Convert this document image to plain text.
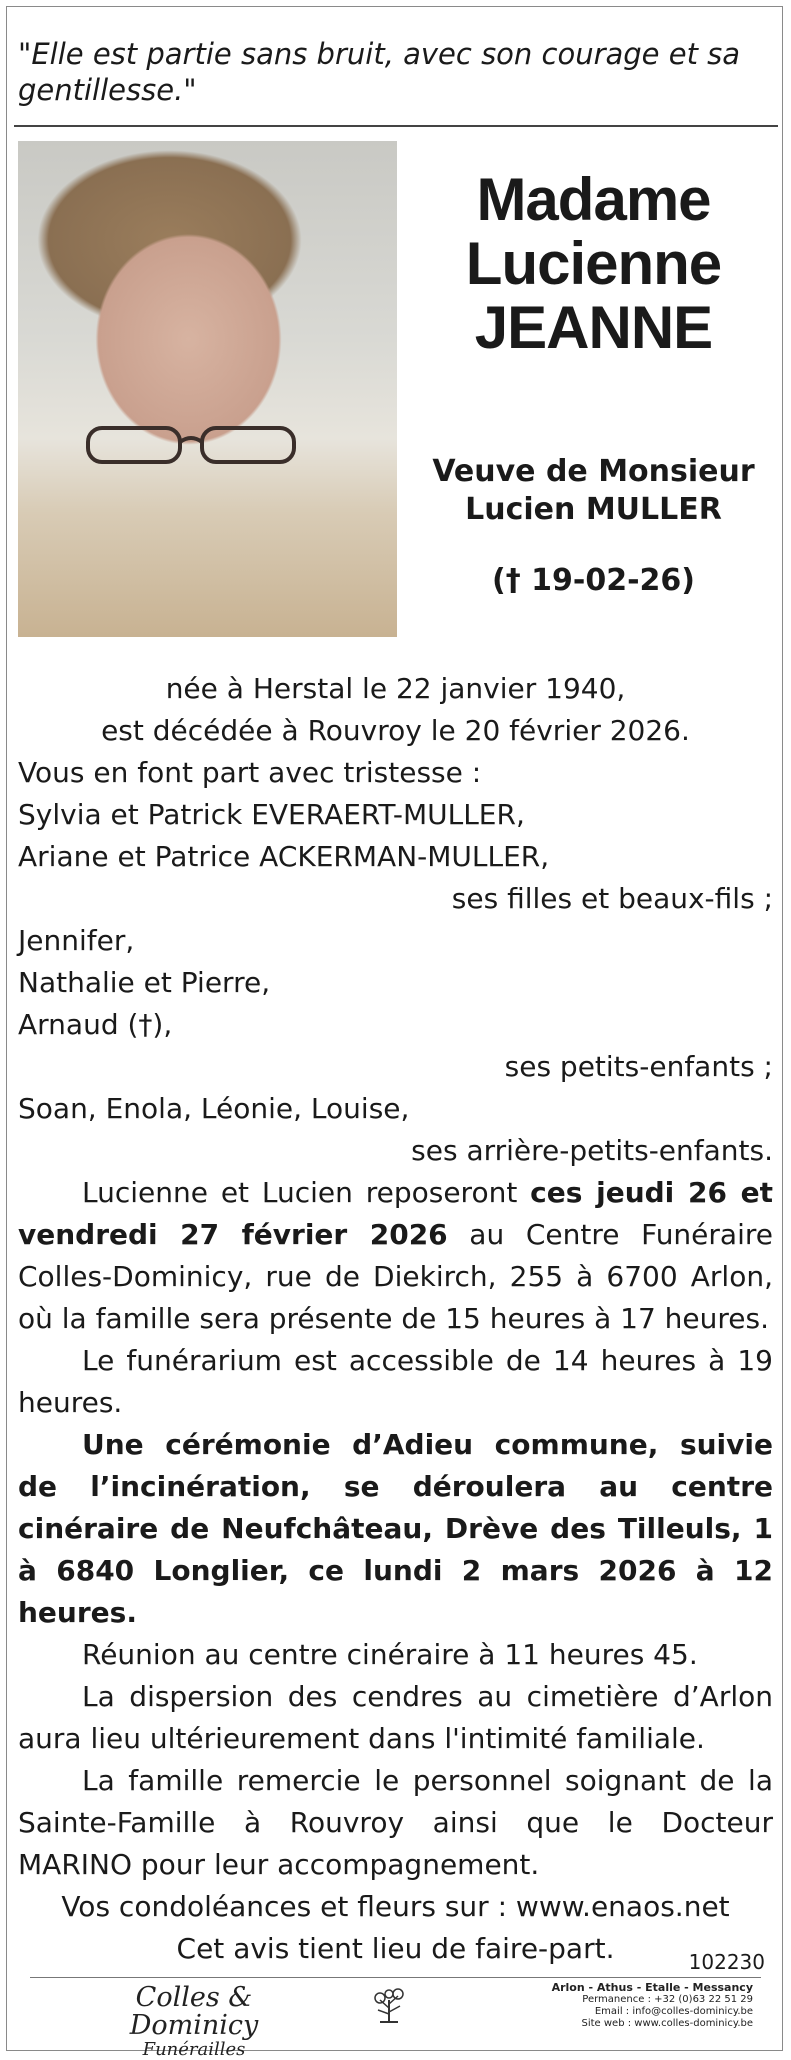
"Elle est partie sans bruit, avec son courage et sa gentillesse."
Madame
Lucienne
JEANNE
Veuve de Monsieur
Lucien MULLER
(† 19-02-26)
née à Herstal le 22 janvier 1940,
est décédée à Rouvroy le 20 février 2026.
Vous en font part avec tristesse :
Sylvia et Patrick EVERAERT-MULLER,
Ariane et Patrice ACKERMAN-MULLER,
ses filles et beaux-fils ;
Jennifer,
Nathalie et Pierre,
Arnaud (†),
ses petits-enfants ;
Soan, Enola, Léonie, Louise,
ses arrière-petits-enfants.
Lucienne et Lucien reposeront ces jeudi 26 et vendredi 27 février 2026 au Centre Funéraire Colles-Dominicy, rue de Diekirch, 255 à 6700 Arlon, où la famille sera présente de 15 heures à 17 heures.
Le funérarium est accessible de 14 heures à 19 heures.
Une cérémonie d’Adieu commune, suivie de l’incinération, se déroulera au centre cinéraire de Neufchâteau, Drève des Tilleuls, 1 à 6840 Longlier, ce lundi 2 mars 2026 à 12 heures.
Réunion au centre cinéraire à 11 heures 45.
La dispersion des cendres au cimetière d’Arlon aura lieu ultérieurement dans l'intimité familiale.
La famille remercie le personnel soignant de la Sainte-Famille à Rouvroy ainsi que le Docteur MARINO pour leur accompagnement.
Vos condoléances et fleurs sur : www.enaos.net
Cet avis tient lieu de faire-part.	102230
Colles & Dominicy
Funérailles
Arlon - Athus - Etalle - Messancy
Permanence : +32 (0)63 22 51 29
Email : info@colles-dominicy.be
Site web : www.colles-dominicy.be
